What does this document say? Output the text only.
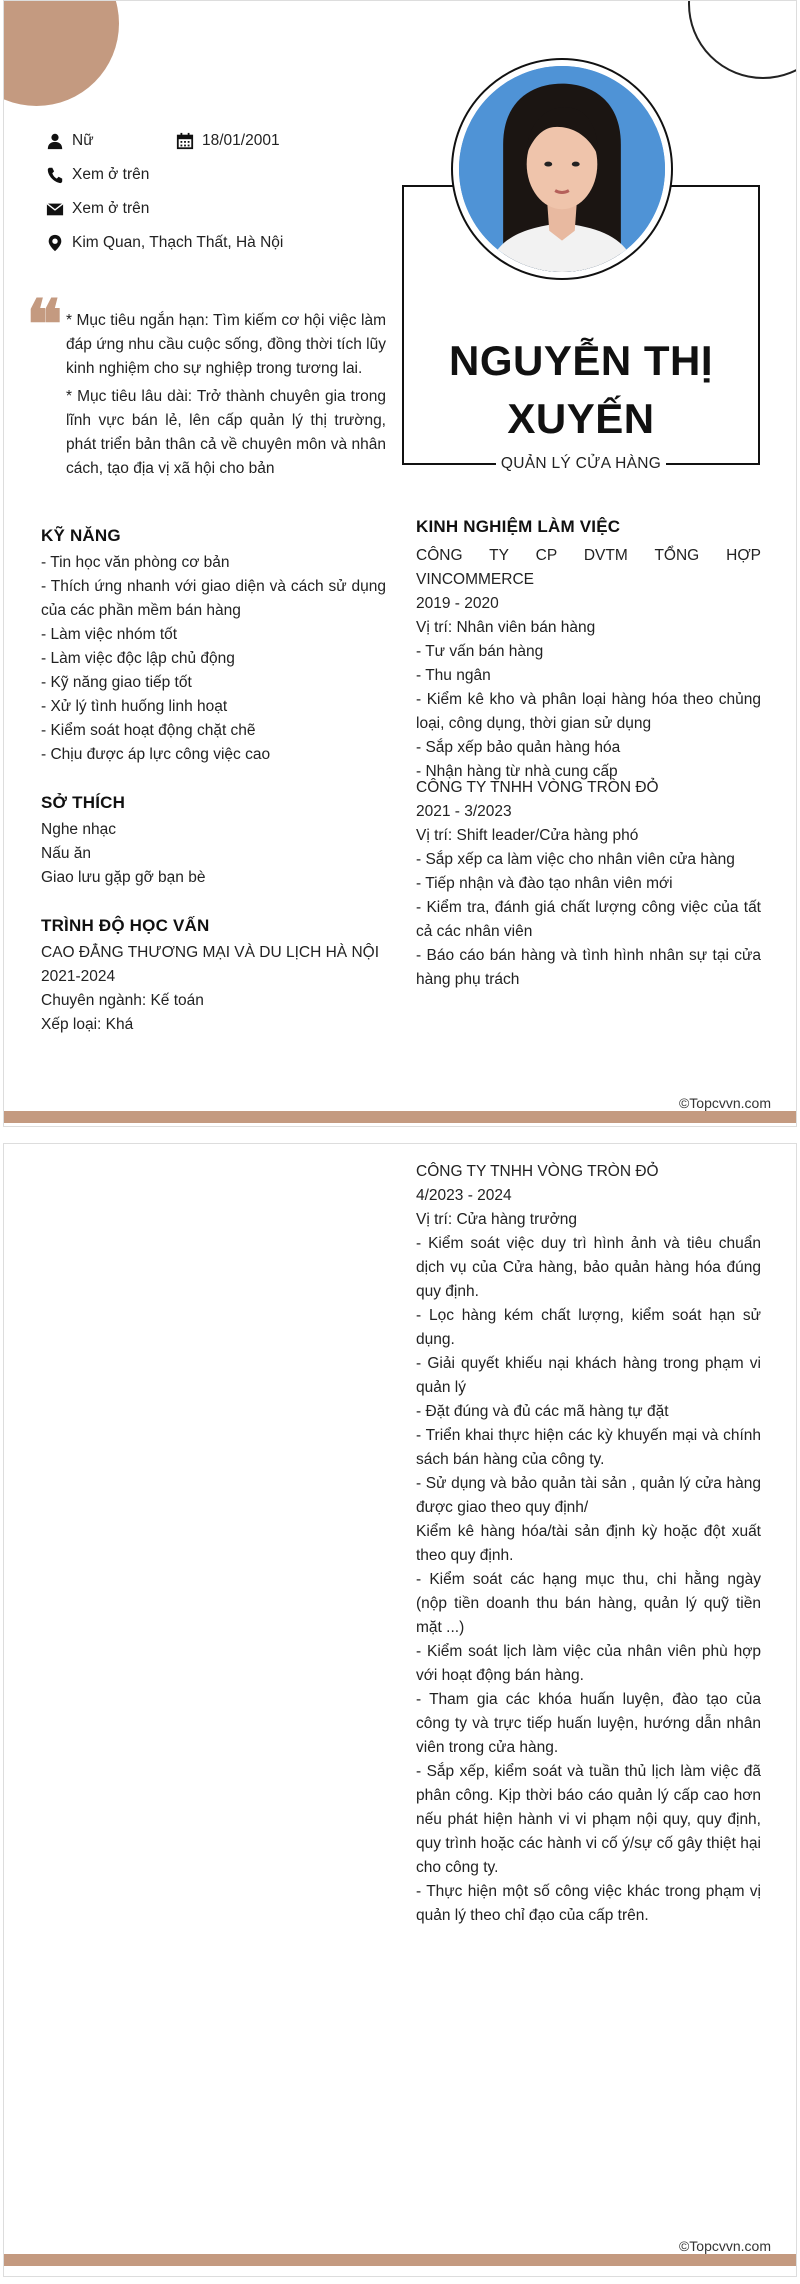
Nữ	18/01/2001
Xem ở trên
Xem ở trên
Kim Quan, Thạch Thất, Hà Nội
NGUYỄN THỊ
XUYẾN
QUẢN LÝ CỬA HÀNG
❝ * Mục tiêu ngắn hạn: Tìm kiếm cơ hội việc làm đáp ứng nhu cầu cuộc sống, đồng thời tích lũy kinh nghiệm cho sự nghiệp trong tương lai.

* Mục tiêu lâu dài: Trở thành chuyên gia trong lĩnh vực bán lẻ, lên cấp quản lý thị trường, phát triển bản thân cả về chuyên môn và nhân cách, tạo địa vị xã hội cho bản

KỸ NĂNG

- Tin học văn phòng cơ bản

- Thích ứng nhanh với giao diện và cách sử dụng của các phần mềm bán hàng

- Làm việc nhóm tốt

- Làm việc độc lập chủ động

- Kỹ năng giao tiếp tốt

- Xử lý tình huống linh hoạt

- Kiểm soát hoạt động chặt chẽ

- Chịu được áp lực công việc cao

SỞ THÍCH

Nghe nhạc

Nấu ăn

Giao lưu gặp gỡ bạn bè

TRÌNH ĐỘ HỌC VẤN

CAO ĐẲNG THƯƠNG MẠI VÀ DU LỊCH HÀ NỘI

2021-2024

Chuyên ngành: Kế toán

Xếp loại: Khá

KINH NGHIỆM LÀM VIỆC

CÔNG TY CP DVTM TỔNG HỢP VINCOMMERCE

2019 - 2020

Vị trí: Nhân viên bán hàng

- Tư vấn bán hàng

- Thu ngân

- Kiểm kê kho và phân loại hàng hóa theo chủng loại, công dụng, thời gian sử dụng

- Sắp xếp bảo quản hàng hóa

- Nhận hàng từ nhà cung cấp

CÔNG TY TNHH VÒNG TRÒN ĐỎ

2021 - 3/2023

Vị trí: Shift leader/Cửa hàng phó

- Sắp xếp ca làm việc cho nhân viên cửa hàng

- Tiếp nhận và đào tạo nhân viên mới

- Kiểm tra, đánh giá chất lượng công việc của tất cả các nhân viên

- Báo cáo bán hàng và tình hình nhân sự tại cửa hàng phụ trách

©Topcvvn.com

CÔNG TY TNHH VÒNG TRÒN ĐỎ

4/2023 - 2024

Vị trí: Cửa hàng trưởng

- Kiểm soát việc duy trì hình ảnh và tiêu chuẩn dịch vụ của Cửa hàng, bảo quản hàng hóa đúng quy định.

- Lọc hàng kém chất lượng, kiểm soát hạn sử dụng.

- Giải quyết khiếu nại khách hàng trong phạm vi quản lý

- Đặt đúng và đủ các mã hàng tự đặt

- Triển khai thực hiện các kỳ khuyến mại và chính sách bán hàng của công ty.

- Sử dụng và bảo quản tài sản , quản lý cửa hàng được giao theo quy định/

Kiểm kê hàng hóa/tài sản định kỳ hoặc đột xuất theo quy định.

- Kiểm soát các hạng mục thu, chi hằng ngày (nộp tiền doanh thu bán hàng, quản lý quỹ tiền mặt ...)

- Kiểm soát lịch làm việc của nhân viên phù hợp với hoạt động bán hàng.

- Tham gia các khóa huấn luyện, đào tạo của công ty và trực tiếp huấn luyện, hướng dẫn nhân viên trong cửa hàng.

- Sắp xếp, kiểm soát và tuần thủ lịch làm việc đã phân công. Kịp thời báo cáo quản lý cấp cao hơn nếu phát hiện hành vi vi phạm nội quy, quy định, quy trình hoặc các hành vi cố ý/sự cố gây thiệt hại cho công ty.

- Thực hiện một số công việc khác trong phạm vị quản lý theo chỉ đạo của cấp trên.

©Topcvvn.com
